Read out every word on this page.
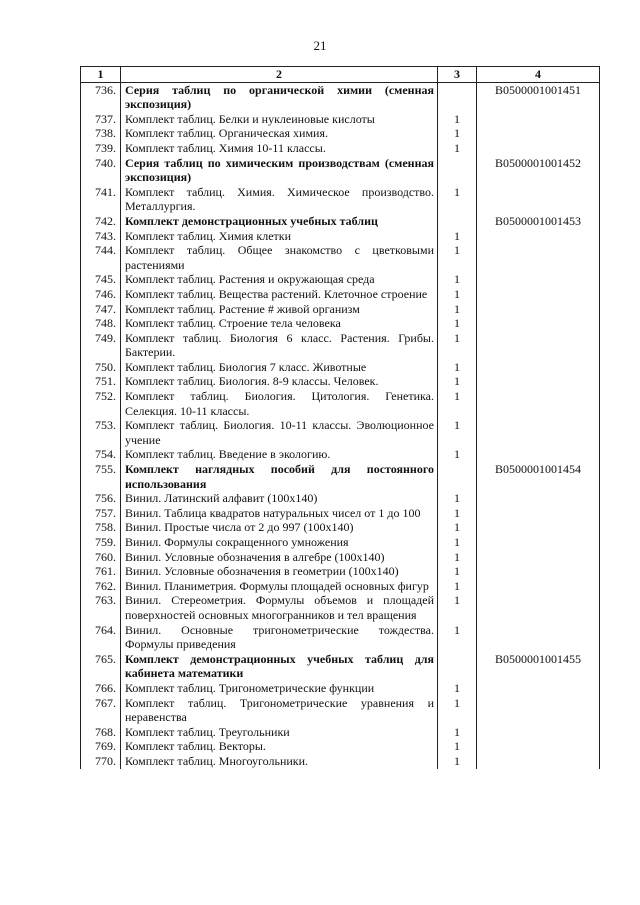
21
1	2	3	4
736.	Серия таблиц по органической химии (сменная экспозиция)		B0500001001451
737.	Комплект таблиц. Белки и нуклеиновые кислоты	1	
738.	Комплект таблиц. Органическая химия.	1	
739.	Комплект таблиц. Химия 10-11 классы.	1	
740.	Серия таблиц по химическим производствам (сменная экспозиция)		B0500001001452
741.	Комплект таблиц. Химия. Химическое производство. Металлургия.	1	
742.	Комплект демонстрационных учебных таблиц		B0500001001453
743.	Комплект таблиц. Химия клетки	1	
744.	Комплект таблиц. Общее знакомство с цветковыми растениями	1	
745.	Комплект таблиц. Растения и окружающая среда	1	
746.	Комплект таблиц. Вещества растений. Клеточное строение	1	
747.	Комплект таблиц. Растение # живой организм	1	
748.	Комплект таблиц. Строение тела человека	1	
749.	Комплект таблиц. Биология 6 класс. Растения. Грибы. Бактерии.	1	
750.	Комплект таблиц. Биология 7 класс. Животные	1	
751.	Комплект таблиц. Биология. 8-9 классы. Человек.	1	
752.	Комплект таблиц. Биология. Цитология. Генетика. Селекция. 10-11 классы.	1	
753.	Комплект таблиц. Биология. 10-11 классы. Эволюционное учение	1	
754.	Комплект таблиц. Введение в экологию.	1	
755.	Комплект наглядных пособий для постоянного использования		B0500001001454
756.	Винил. Латинский алфавит (100х140)	1	
757.	Винил. Таблица квадратов натуральных чисел от 1 до 100	1	
758.	Винил. Простые числа от 2 до 997 (100х140)	1	
759.	Винил. Формулы сокращенного умножения	1	
760.	Винил. Условные обозначения в алгебре (100х140)	1	
761.	Винил. Условные обозначения в геометрии (100х140)	1	
762.	Винил. Планиметрия. Формулы площадей основных фигур	1	
763.	Винил. Стереометрия. Формулы объемов и площадей поверхностей основных многогранников и тел вращения	1	
764.	Винил. Основные тригонометрические тождества. Формулы приведения	1	
765.	Комплект демонстрационных учебных таблиц для кабинета математики		B0500001001455
766.	Комплект таблиц. Тригонометрические функции	1	
767.	Комплект таблиц. Тригонометрические уравнения и неравенства	1	
768.	Комплект таблиц. Треугольники	1	
769.	Комплект таблиц. Векторы.	1	
770.	Комплект таблиц. Многоугольники.	1	
